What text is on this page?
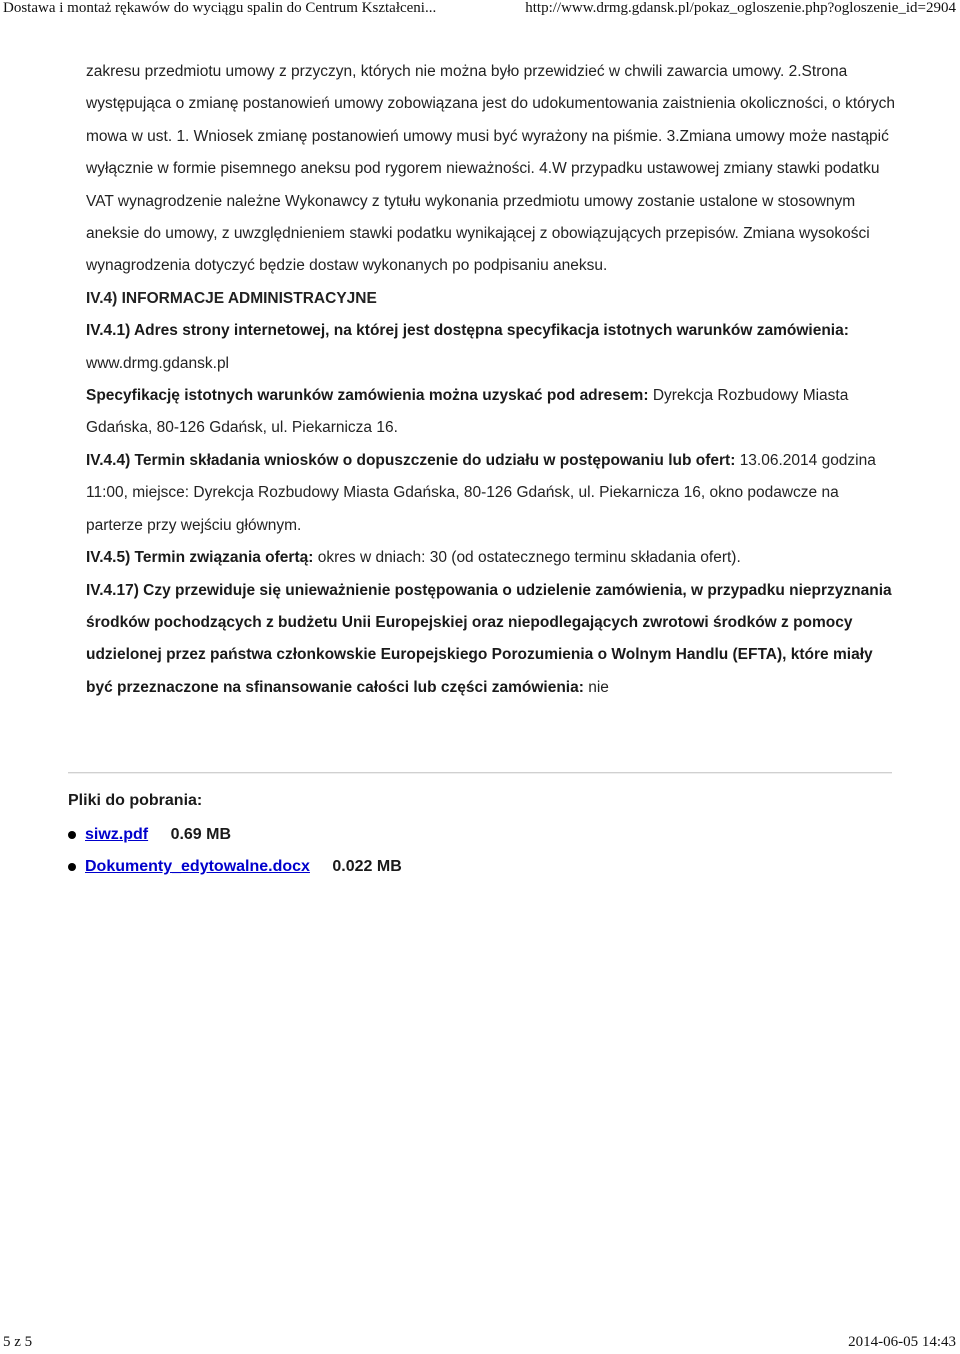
Dostawa i montaż rękawów do wyciągu spalin do Centrum Kształceni...	http://www.drmg.gdansk.pl/pokaz_ogloszenie.php?ogloszenie_id=2904

zakresu przedmiotu umowy z przyczyn, których nie można było przewidzieć w chwili zawarcia umowy. 2.Strona występująca o zmianę postanowień umowy zobowiązana jest do udokumentowania zaistnienia okoliczności, o których mowa w ust. 1. Wniosek zmianę postanowień umowy musi być wyrażony na piśmie. 3.Zmiana umowy może nastąpić wyłącznie w formie pisemnego aneksu pod rygorem nieważności. 4.W przypadku ustawowej zmiany stawki podatku VAT wynagrodzenie należne Wykonawcy z tytułu wykonania przedmiotu umowy zostanie ustalone w stosownym aneksie do umowy, z uwzględnieniem stawki podatku wynikającej z obowiązujących przepisów. Zmiana wysokości wynagrodzenia dotyczyć będzie dostaw wykonanych po podpisaniu aneksu.

IV.4) INFORMACJE ADMINISTRACYJNE

IV.4.1) Adres strony internetowej, na której jest dostępna specyfikacja istotnych warunków zamówienia:
www.drmg.gdansk.pl

Specyfikację istotnych warunków zamówienia można uzyskać pod adresem: Dyrekcja Rozbudowy Miasta Gdańska, 80-126 Gdańsk, ul. Piekarnicza 16.

IV.4.4) Termin składania wniosków o dopuszczenie do udziału w postępowaniu lub ofert: 13.06.2014 godzina 11:00, miejsce: Dyrekcja Rozbudowy Miasta Gdańska, 80-126 Gdańsk, ul. Piekarnicza 16, okno podawcze na parterze przy wejściu głównym.

IV.4.5) Termin związania ofertą: okres w dniach: 30 (od ostatecznego terminu składania ofert).

IV.4.17) Czy przewiduje się unieważnienie postępowania o udzielenie zamówienia, w przypadku nieprzyznania środków pochodzących z budżetu Unii Europejskiej oraz niepodlegających zwrotowi środków z pomocy udzielonej przez państwa członkowskie Europejskiego Porozumienia o Wolnym Handlu (EFTA), które miały być przeznaczone na sfinansowanie całości lub części zamówienia: nie

Pliki do pobrania:

siwz.pdf 0.69 MB
Dokumenty_edytowalne.docx 0.022 MB
5 z 5	2014-06-05 14:43
